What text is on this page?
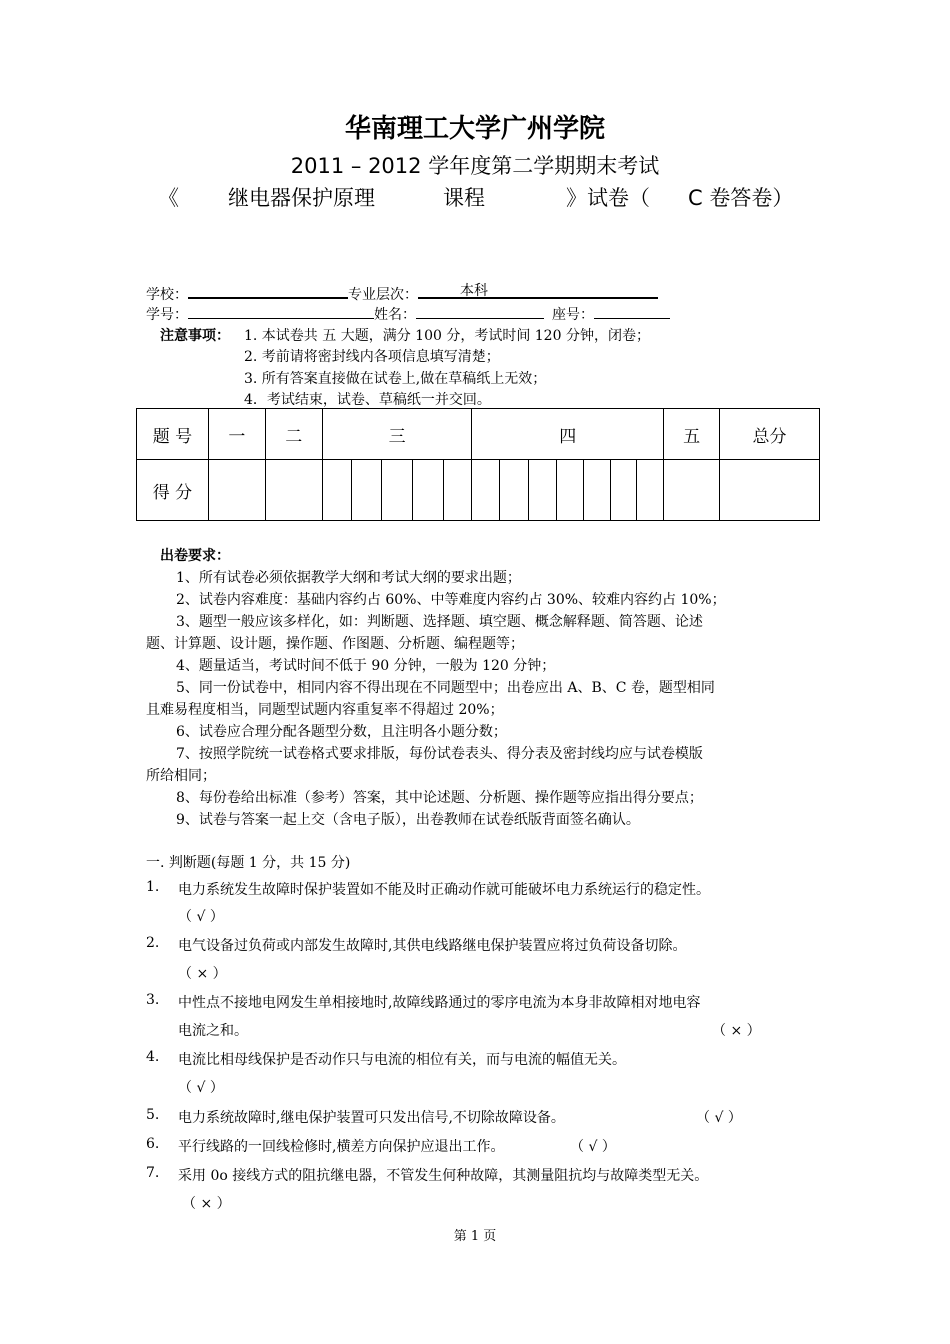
华南理工大学广州学院
2011 – 2012 学年度第二学期期末考试
《 继电器保护原理	课程	》试卷（ C 卷答卷）
学校：	专业层次：	本科
学号：	姓名：	座号：
注意事项： 1. 本试卷共 五 大题，满分 100 分，考试时间 120 分钟，闭卷；
2. 考前请将密封线内各项信息填写清楚；
3. 所有答案直接做在试卷上,做在草稿纸上无效；
4．考试结束，试卷、草稿纸一并交回。
题 号	一	二	三					四							五	总分
得 分																
出卷要求：
1、所有试卷必须依据教学大纲和考试大纲的要求出题；
2、试卷内容难度：基础内容约占 60%、中等难度内容约占 30%、较难内容约占 10%；
3、题型一般应该多样化，如：判断题、选择题、填空题、概念解释题、简答题、论述
题、计算题、设计题，操作题、作图题、分析题、编程题等；
4、题量适当，考试时间不低于 90 分钟，一般为 120 分钟；
5、同一份试卷中，相同内容不得出现在不同题型中；出卷应出 A、B、C 卷，题型相同
且难易程度相当，同题型试题内容重复率不得超过 20%；
6、试卷应合理分配各题型分数，且注明各小题分数；
7、按照学院统一试卷格式要求排版，每份试卷表头、得分表及密封线均应与试卷模版
所给相同；
8、每份卷给出标准（参考）答案，其中论述题、分析题、操作题等应指出得分要点；
9、试卷与答案一起上交（含电子版），出卷教师在试卷纸版背面签名确认。
一. 判断题(每题 1 分，共 15 分)
1. 电力系统发生故障时保护装置如不能及时正确动作就可能破坏电力系统运行的稳定性。
（ √ ）
2. 电气设备过负荷或内部发生故障时,其供电线路继电保护装置应将过负荷设备切除。
（ × ）
3. 中性点不接地电网发生单相接地时,故障线路通过的零序电流为本身非故障相对地电容
电流之和。	（ × ）
4. 电流比相母线保护是否动作只与电流的相位有关，而与电流的幅值无关。
（ √ ）
5. 电力系统故障时,继电保护装置可只发出信号,不切除故障设备。	（ √ ）
6. 平行线路的一回线检修时,横差方向保护应退出工作。	（ √ ）
7. 采用 0o 接线方式的阻抗继电器，不管发生何种故障，其测量阻抗均与故障类型无关。
（ × ）
第 1 页
